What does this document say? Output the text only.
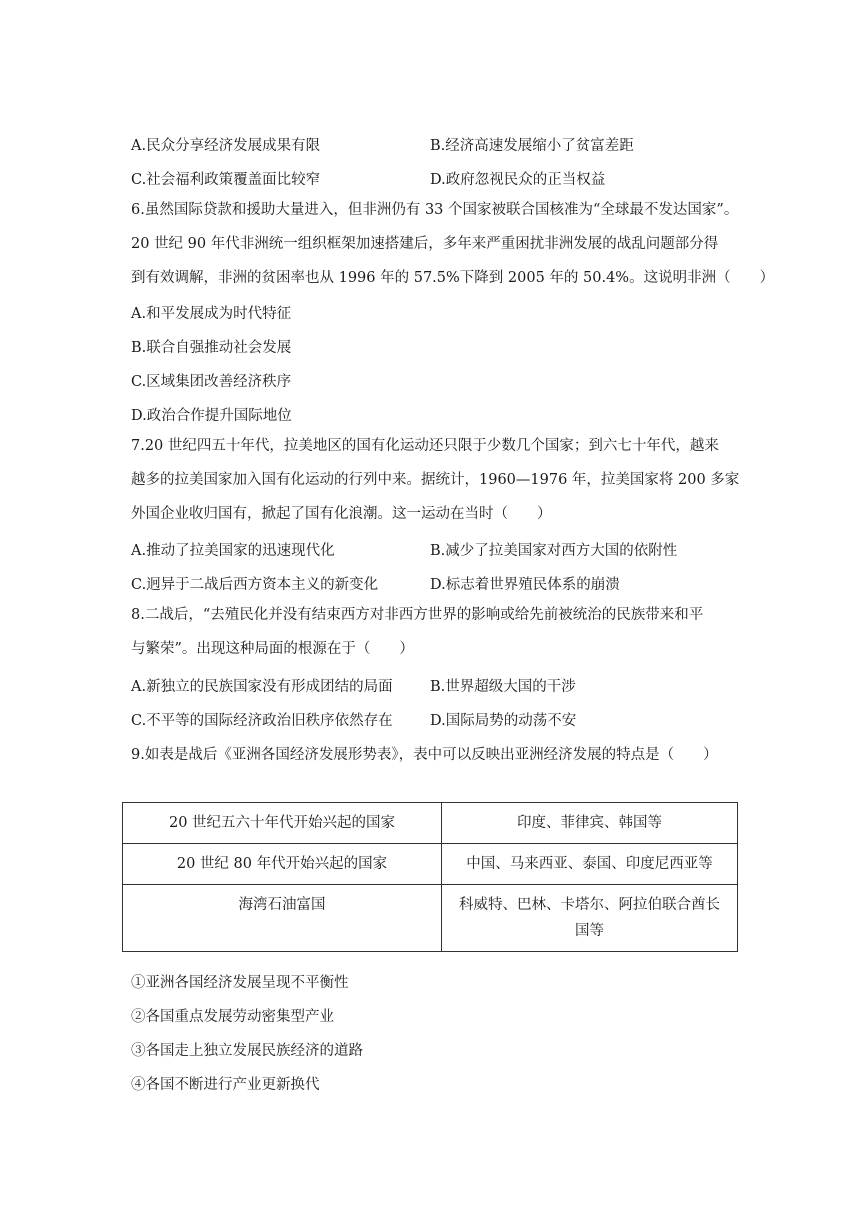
A.民众分享经济发展成果有限	B.经济高速发展缩小了贫富差距
C.社会福利政策覆盖面比较窄	D.政府忽视民众的正当权益
6.虽然国际贷款和援助大量进入，但非洲仍有 33 个国家被联合国核准为“全球最不发达国家”。
20 世纪 90 年代非洲统一组织框架加速搭建后，多年来严重困扰非洲发展的战乱问题部分得
到有效调解，非洲的贫困率也从 1996 年的 57.5%下降到 2005 年的 50.4%。这说明非洲（　　）
A.和平发展成为时代特征
B.联合自强推动社会发展
C.区域集团改善经济秩序
D.政治合作提升国际地位
7.20 世纪四五十年代，拉美地区的国有化运动还只限于少数几个国家；到六七十年代，越来
越多的拉美国家加入国有化运动的行列中来。据统计，1960—1976 年，拉美国家将 200 多家
外国企业收归国有，掀起了国有化浪潮。这一运动在当时（　　）
A.推动了拉美国家的迅速现代化	B.减少了拉美国家对西方大国的依附性
C.迥异于二战后西方资本主义的新变化	D.标志着世界殖民体系的崩溃
8.二战后，“去殖民化并没有结束西方对非西方世界的影响或给先前被统治的民族带来和平
与繁荣”。出现这种局面的根源在于（　　）
A.新独立的民族国家没有形成团结的局面	B.世界超级大国的干涉
C.不平等的国际经济政治旧秩序依然存在	D.国际局势的动荡不安
9.如表是战后《亚洲各国经济发展形势表》，表中可以反映出亚洲经济发展的特点是（　　）
20 世纪五六十年代开始兴起的国家	印度、菲律宾、韩国等
20 世纪 80 年代开始兴起的国家	中国、马来西亚、泰国、印度尼西亚等
海湾石油富国	科威特、巴林、卡塔尔、阿拉伯联合酋长国等
①亚洲各国经济发展呈现不平衡性
②各国重点发展劳动密集型产业
③各国走上独立发展民族经济的道路
④各国不断进行产业更新换代
